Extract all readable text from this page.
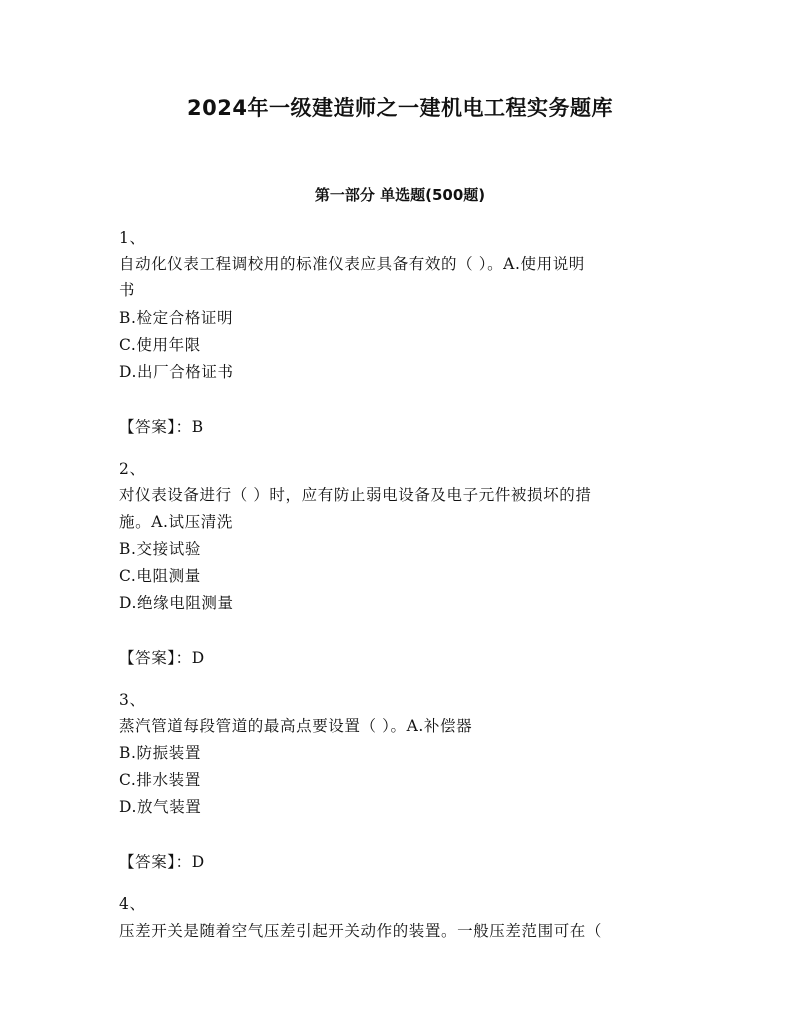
2024年一级建造师之一建机电工程实务题库
第一部分 单选题(500题)
1、
自动化仪表工程调校用的标准仪表应具备有效的（ ）。A.使用说明
书
B.检定合格证明
C.使用年限
D.出厂合格证书
【答案】：B
2、
对仪表设备进行（ ）时，应有防止弱电设备及电子元件被损坏的措
施。A.试压清洗
B.交接试验
C.电阻测量
D.绝缘电阻测量
【答案】：D
3、
蒸汽管道每段管道的最高点要设置（ ）。A.补偿器
B.防振装置
C.排水装置
D.放气装置
【答案】：D
4、
压差开关是随着空气压差引起开关动作的装置。一般压差范围可在（
